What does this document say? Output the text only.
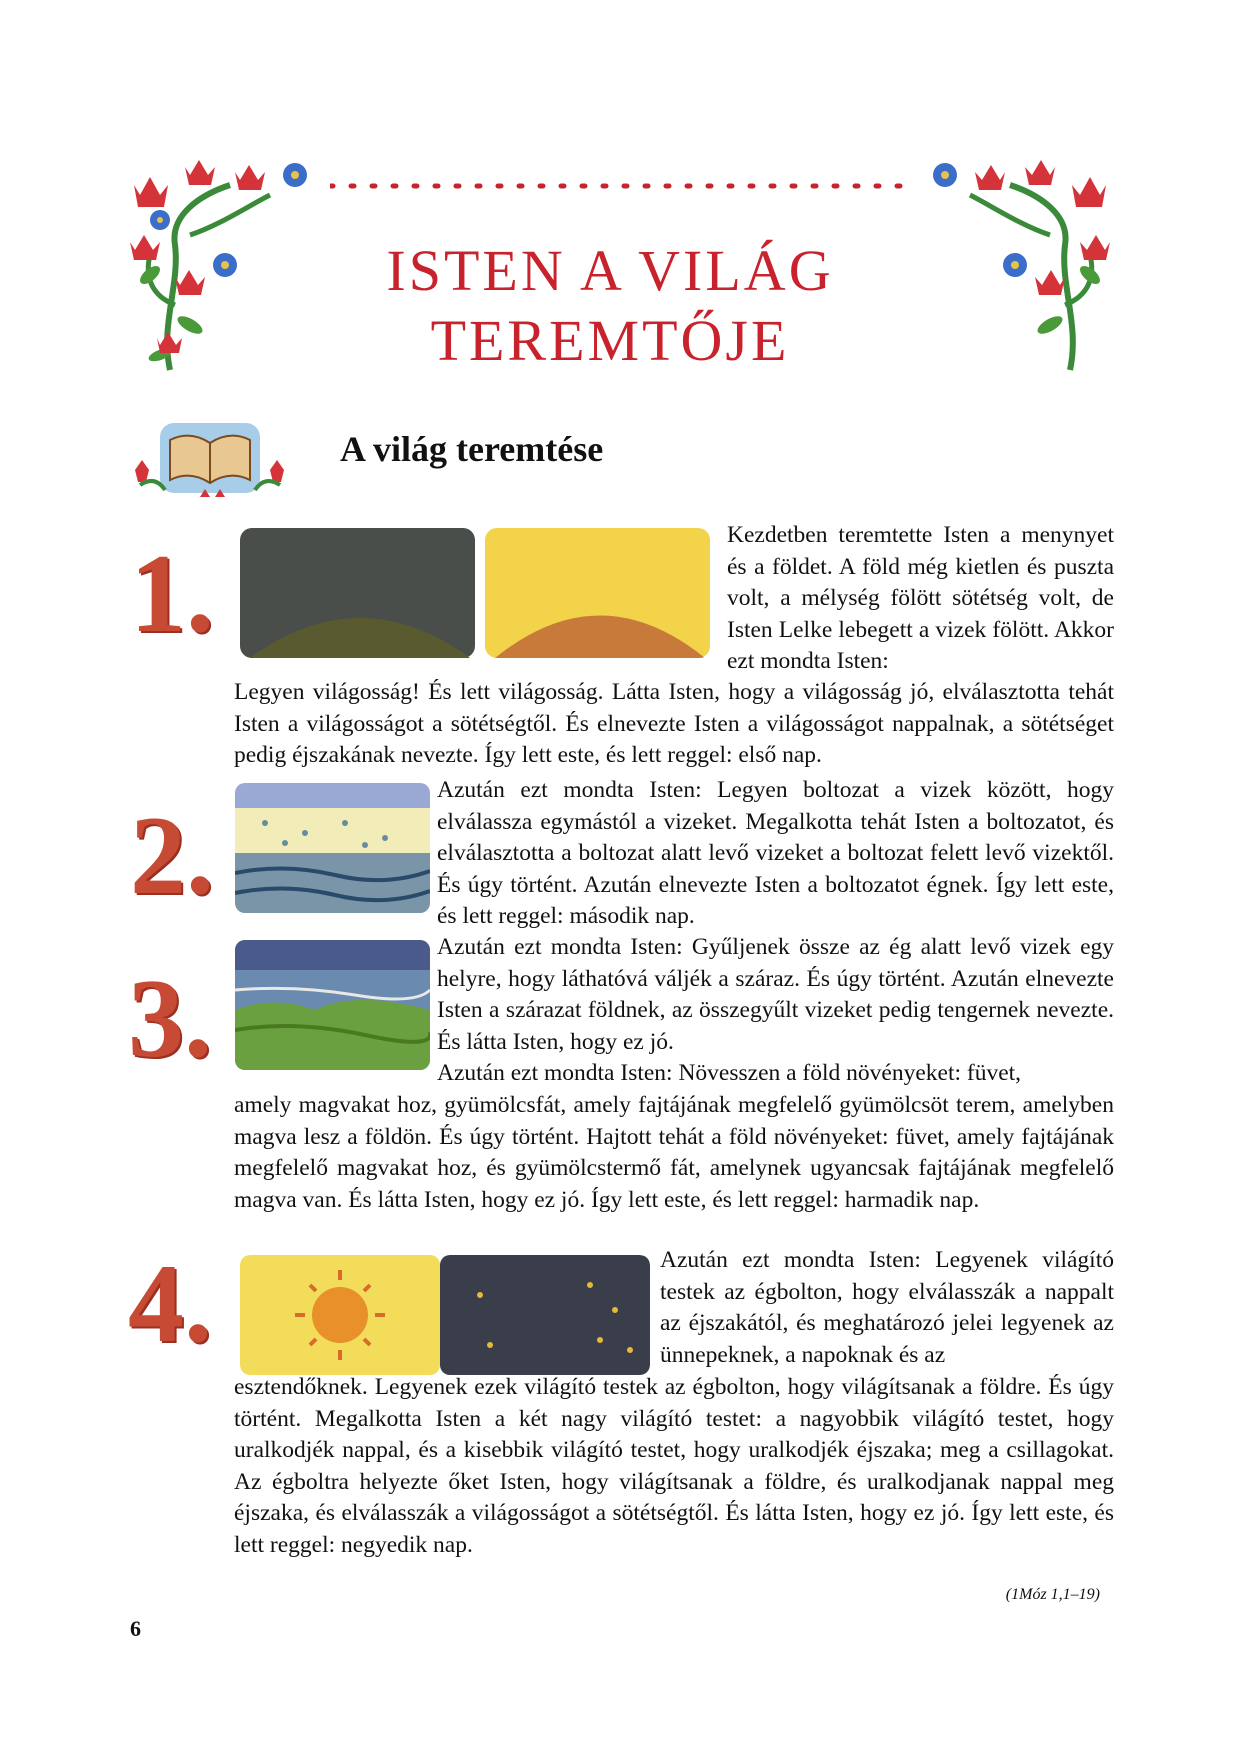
ISTEN A VILÁG
TEREMTŐJE
A világ teremtése
1.
2.
3.
4.
Kezdetben teremtette Isten a menynyet és a földet. A föld még kietlen és puszta volt, a mélység fölött sötétség volt, de Isten Lelke lebegett a vizek fölött. Akkor ezt mondta Isten:
Legyen világosság! És lett világosság. Látta Isten, hogy a világosság jó, elválasztotta tehát Isten a világosságot a sötétségtől. És elnevezte Isten a világosságot nappalnak, a sötétséget pedig éjszakának nevezte. Így lett este, és lett reggel: első nap.
Azután ezt mondta Isten: Legyen boltozat a vizek között, hogy elválassza egymástól a vizeket. Megalkotta tehát Isten a boltozatot, és elválasztotta a boltozat alatt levő vizeket a boltozat felett levő vizektől. És úgy történt. Azután elnevezte Isten a boltozatot égnek. Így lett este, és lett reggel: második nap.
Azután ezt mondta Isten: Gyűljenek össze az ég alatt levő vizek egy helyre, hogy láthatóvá váljék a száraz. És úgy történt. Azután elnevezte Isten a szárazat földnek, az összegyűlt vizeket pedig tengernek nevezte. És látta Isten, hogy ez jó.
Azután ezt mondta Isten: Növesszen a föld növényeket: füvet,
amely magvakat hoz, gyümölcsfát, amely fajtájának megfelelő gyümölcsöt terem, amelyben magva lesz a földön. És úgy történt. Hajtott tehát a föld növényeket: füvet, amely fajtájának megfelelő magvakat hoz, és gyümölcstermő fát, amelynek ugyancsak fajtájának megfelelő magva van. És látta Isten, hogy ez jó. Így lett este, és lett reggel: harmadik nap.
Azután ezt mondta Isten: Legyenek világító testek az égbolton, hogy elválasszák a nappalt az éjszakától, és meghatározó jelei legyenek az ünnepeknek, a napoknak és az
esztendőknek. Legyenek ezek világító testek az égbolton, hogy világítsanak a földre. És úgy történt. Megalkotta Isten a két nagy világító testet: a nagyobbik világító testet, hogy uralkodjék nappal, és a kisebbik világító testet, hogy uralkodjék éjszaka; meg a csillagokat. Az égboltra helyezte őket Isten, hogy világítsanak a földre, és uralkodjanak nappal meg éjszaka, és elválasszák a világosságot a sötétségtől. És látta Isten, hogy ez jó. Így lett este, és lett reggel: negyedik nap.
(1Móz 1,1–19)
6
